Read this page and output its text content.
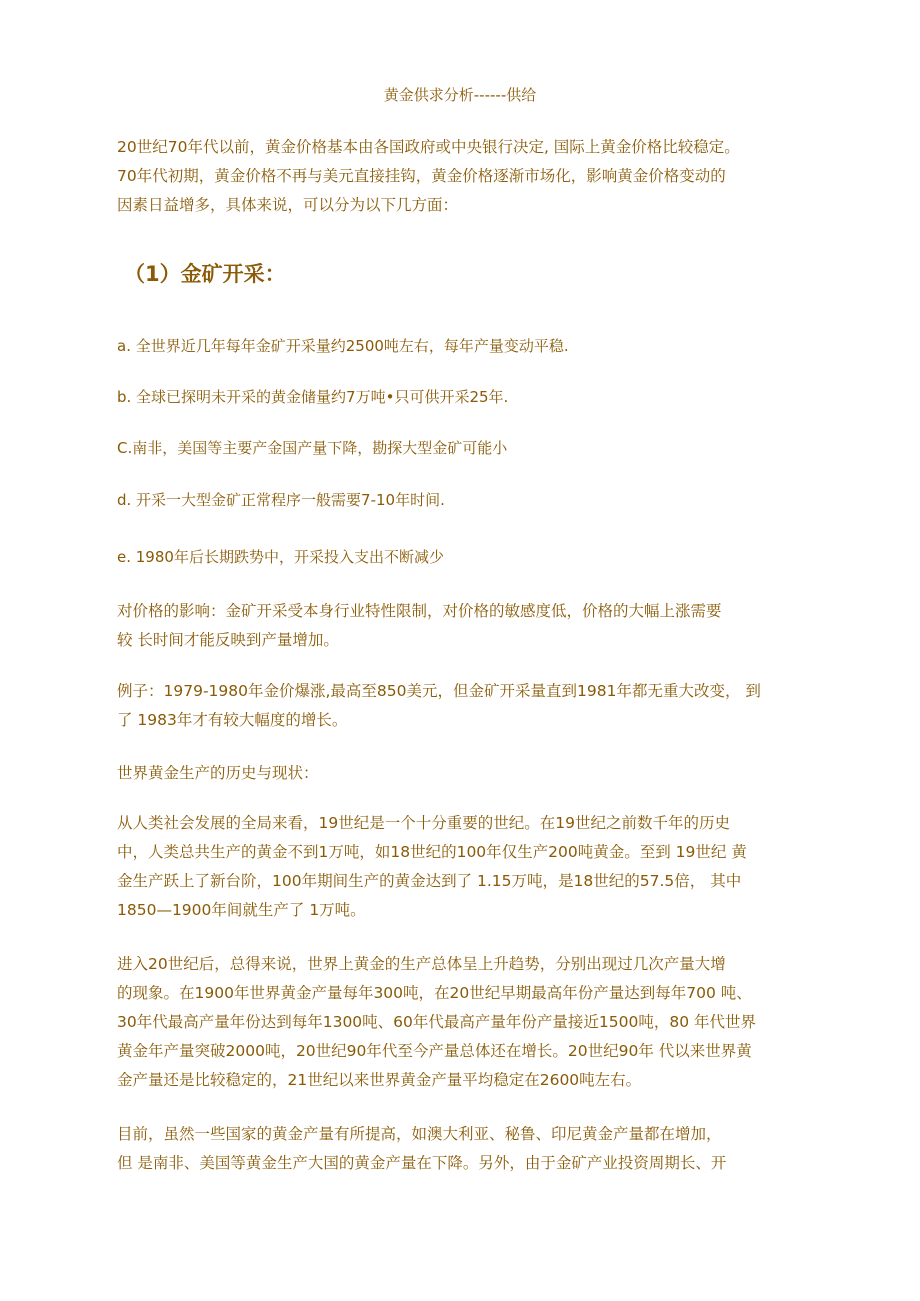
黄金供求分析------供给
20世纪70年代以前，黄金价格基本由各国政府或中央银行决定, 国际上黄金价格比较稳定。
70年代初期，黄金价格不再与美元直接挂钩，黄金价格逐渐市场化，影响黄金价格变动的
因素日益增多，具体来说，可以分为以下几方面：
（1）金矿开采：
a. 全世界近几年每年金矿开采量约2500吨左右，每年产量变动平稳.
b. 全球已探明未开采的黄金储量约7万吨•只可供开采25年.
C.南非，美国等主要产金国产量下降，勘探大型金矿可能小
d. 开采一大型金矿正常程序一般需要7-10年时间.
e. 1980年后长期跌势中，开采投入支出不断减少
对价格的影响：金矿开采受本身行业特性限制，对价格的敏感度低，价格的大幅上涨需要
较 长时间才能反映到产量增加。
例子：1979-1980年金价爆涨,最高至850美元，但金矿开采量直到1981年都无重大改变， 到
了 1983年才有较大幅度的增长。
世界黄金生产的历史与现状：
从人类社会发展的全局来看，19世纪是一个十分重要的世纪。在19世纪之前数千年的历史
中，人类总共生产的黄金不到1万吨，如18世纪的100年仅生产200吨黄金。至到 19世纪 黄
金生产跃上了新台阶，100年期间生产的黄金达到了 1.15万吨，是18世纪的57.5倍， 其中
1850—1900年间就生产了 1万吨。
进入20世纪后，总得来说，世界上黄金的生产总体呈上升趋势，分别出现过几次产量大增
的现象。在1900年世界黄金产量每年300吨，在20世纪早期最高年份产量达到每年700 吨、
30年代最高产量年份达到每年1300吨、60年代最高产量年份产量接近1500吨，80 年代世界
黄金年产量突破2000吨，20世纪90年代至今产量总体还在增长。20世纪90年 代以来世界黄
金产量还是比较稳定的，21世纪以来世界黄金产量平均稳定在2600吨左右。
目前，虽然一些国家的黄金产量有所提高，如澳大利亚、秘鲁、印尼黄金产量都在增加，
但 是南非、美国等黄金生产大国的黄金产量在下降。另外，由于金矿产业投资周期长、开
